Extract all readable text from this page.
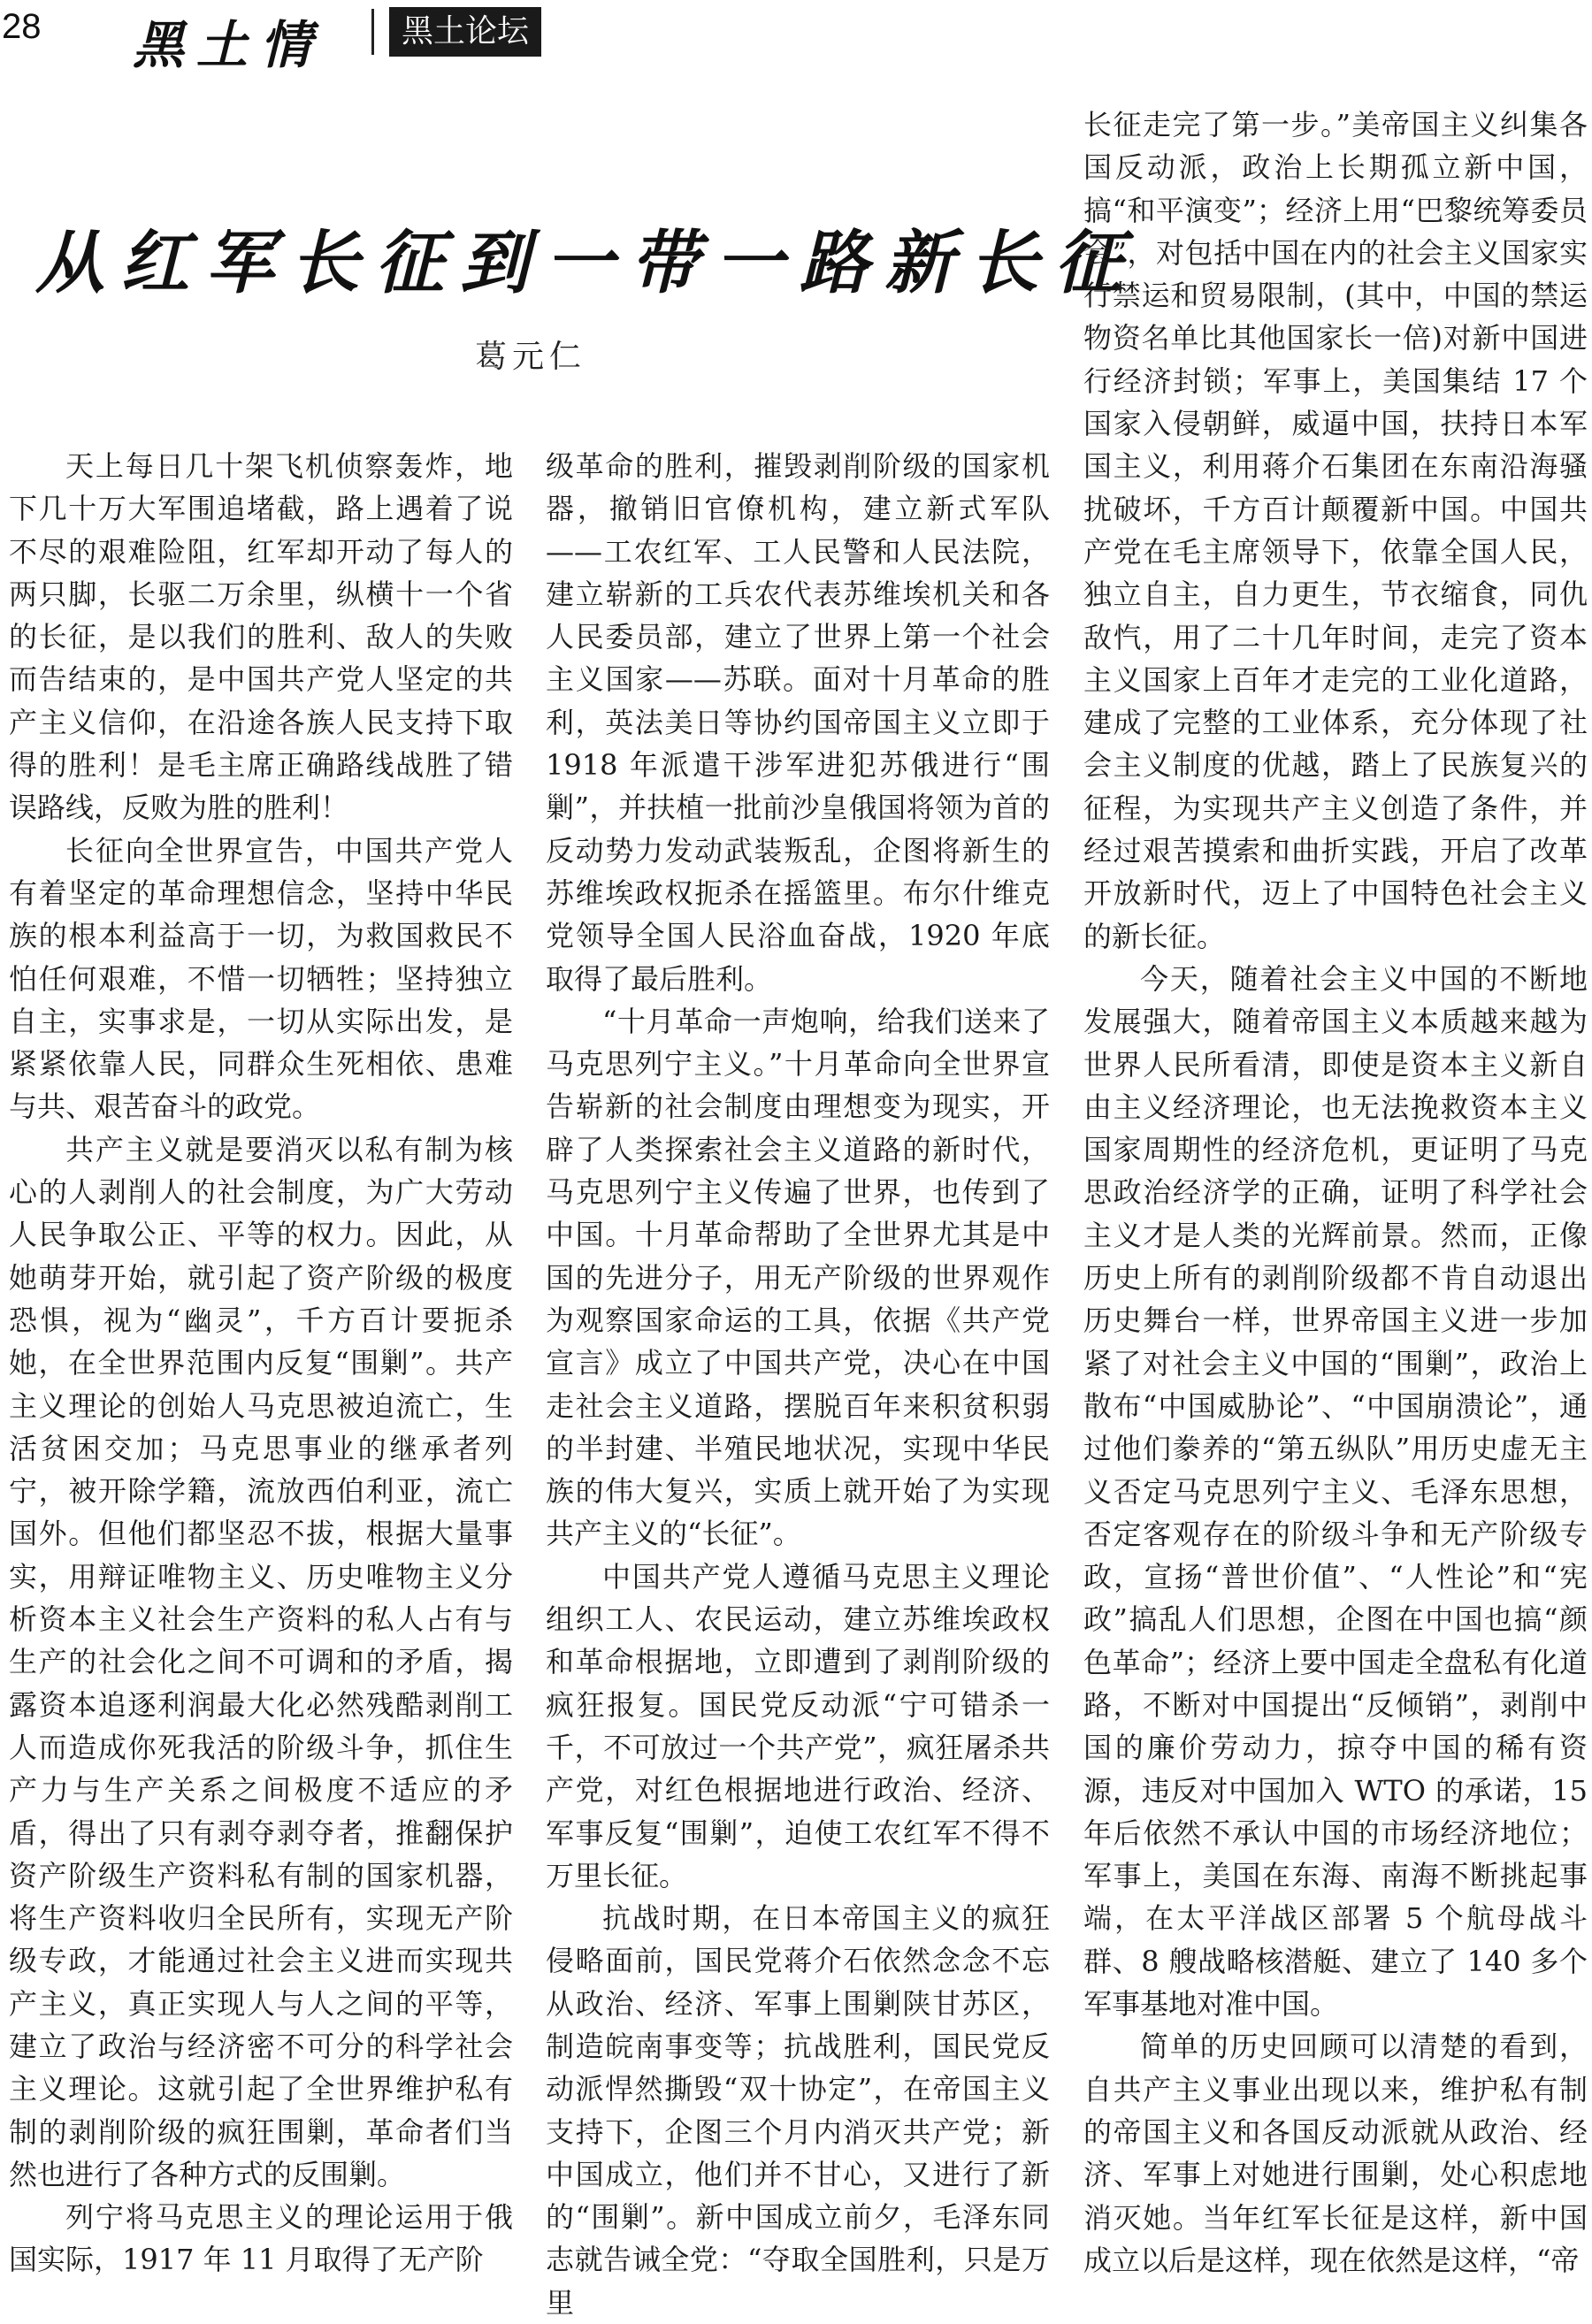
28 黑土情	黑土论坛
从红军长征到一带一路新长征
葛元仁

天上每日几十架飞机侦察轰炸，地下几十万大军围追堵截，路上遇着了说不尽的艰难险阻，红军却开动了每人的两只脚，长驱二万余里，纵横十一个省的长征，是以我们的胜利、敌人的失败而告结束的，是中国共产党人坚定的共产主义信仰，在沿途各族人民支持下取得的胜利！是毛主席正确路线战胜了错误路线，反败为胜的胜利！

长征向全世界宣告，中国共产党人有着坚定的革命理想信念，坚持中华民族的根本利益高于一切，为救国救民不怕任何艰难，不惜一切牺牲；坚持独立自主，实事求是，一切从实际出发，是紧紧依靠人民，同群众生死相依、患难与共、艰苦奋斗的政党。

共产主义就是要消灭以私有制为核心的人剥削人的社会制度，为广大劳动人民争取公正、平等的权力。因此，从她萌芽开始，就引起了资产阶级的极度恐惧，视为“幽灵”，千方百计要扼杀她，在全世界范围内反复“围剿”。共产主义理论的创始人马克思被迫流亡，生活贫困交加；马克思事业的继承者列宁，被开除学籍，流放西伯利亚，流亡国外。但他们都坚忍不拔，根据大量事实，用辩证唯物主义、历史唯物主义分析资本主义社会生产资料的私人占有与生产的社会化之间不可调和的矛盾，揭露资本追逐利润最大化必然残酷剥削工人而造成你死我活的阶级斗争，抓住生产力与生产关系之间极度不适应的矛盾，得出了只有剥夺剥夺者，推翻保护资产阶级生产资料私有制的国家机器，将生产资料收归全民所有，实现无产阶级专政，才能通过社会主义进而实现共产主义，真正实现人与人之间的平等，建立了政治与经济密不可分的科学社会主义理论。这就引起了全世界维护私有制的剥削阶级的疯狂围剿，革命者们当然也进行了各种方式的反围剿。

列宁将马克思主义的理论运用于俄国实际，1917 年 11 月取得了无产阶

级革命的胜利，摧毁剥削阶级的国家机器，撤销旧官僚机构，建立新式军队——工农红军、工人民警和人民法院，建立崭新的工兵农代表苏维埃机关和各人民委员部，建立了世界上第一个社会主义国家——苏联。面对十月革命的胜利，英法美日等协约国帝国主义立即于 1918 年派遣干涉军进犯苏俄进行“围剿”，并扶植一批前沙皇俄国将领为首的反动势力发动武装叛乱，企图将新生的苏维埃政权扼杀在摇篮里。布尔什维克党领导全国人民浴血奋战，1920 年底取得了最后胜利。

“十月革命一声炮响，给我们送来了马克思列宁主义。”十月革命向全世界宣告崭新的社会制度由理想变为现实，开辟了人类探索社会主义道路的新时代，马克思列宁主义传遍了世界，也传到了中国。十月革命帮助了全世界尤其是中国的先进分子，用无产阶级的世界观作为观察国家命运的工具，依据《共产党宣言》成立了中国共产党，决心在中国走社会主义道路，摆脱百年来积贫积弱的半封建、半殖民地状况，实现中华民族的伟大复兴，实质上就开始了为实现共产主义的“长征”。

中国共产党人遵循马克思主义理论组织工人、农民运动，建立苏维埃政权和革命根据地，立即遭到了剥削阶级的疯狂报复。国民党反动派“宁可错杀一千，不可放过一个共产党”，疯狂屠杀共产党，对红色根据地进行政治、经济、军事反复“围剿”，迫使工农红军不得不万里长征。

抗战时期，在日本帝国主义的疯狂侵略面前，国民党蒋介石依然念念不忘从政治、经济、军事上围剿陕甘苏区，制造皖南事变等；抗战胜利，国民党反动派悍然撕毁“双十协定”，在帝国主义支持下，企图三个月内消灭共产党；新中国成立，他们并不甘心，又进行了新的“围剿”。新中国成立前夕，毛泽东同志就告诫全党：“夺取全国胜利，只是万里

长征走完了第一步。”美帝国主义纠集各国反动派，政治上长期孤立新中国，搞“和平演变”；经济上用“巴黎统筹委员会”，对包括中国在内的社会主义国家实行禁运和贸易限制，(其中，中国的禁运物资名单比其他国家长一倍)对新中国进行经济封锁；军事上，美国集结 17 个国家入侵朝鲜，威逼中国，扶持日本军国主义，利用蒋介石集团在东南沿海骚扰破坏，千方百计颠覆新中国。中国共产党在毛主席领导下，依靠全国人民，独立自主，自力更生，节衣缩食，同仇敌忾，用了二十几年时间，走完了资本主义国家上百年才走完的工业化道路，建成了完整的工业体系，充分体现了社会主义制度的优越，踏上了民族复兴的征程，为实现共产主义创造了条件，并经过艰苦摸索和曲折实践，开启了改革开放新时代，迈上了中国特色社会主义的新长征。

今天，随着社会主义中国的不断地发展强大，随着帝国主义本质越来越为世界人民所看清，即使是资本主义新自由主义经济理论，也无法挽救资本主义国家周期性的经济危机，更证明了马克思政治经济学的正确，证明了科学社会主义才是人类的光辉前景。然而，正像历史上所有的剥削阶级都不肯自动退出历史舞台一样，世界帝国主义进一步加紧了对社会主义中国的“围剿”，政治上散布“中国威胁论”、“中国崩溃论”，通过他们豢养的“第五纵队”用历史虚无主义否定马克思列宁主义、毛泽东思想，否定客观存在的阶级斗争和无产阶级专政，宣扬“普世价值”、“人性论”和“宪政”搞乱人们思想，企图在中国也搞“颜色革命”；经济上要中国走全盘私有化道路，不断对中国提出“反倾销”，剥削中国的廉价劳动力，掠夺中国的稀有资源，违反对中国加入 WTO 的承诺，15 年后依然不承认中国的市场经济地位；军事上，美国在东海、南海不断挑起事端，在太平洋战区部署 5 个航母战斗群、8 艘战略核潜艇、建立了 140 多个军事基地对准中国。

简单的历史回顾可以清楚的看到，自共产主义事业出现以来，维护私有制的帝国主义和各国反动派就从政治、经济、军事上对她进行围剿，处心积虑地消灭她。当年红军长征是这样，新中国成立以后是这样，现在依然是这样，“帝
